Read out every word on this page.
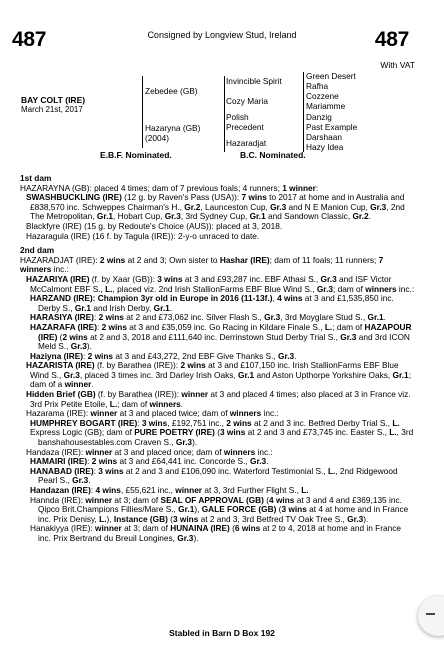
487	Consigned by Longview Stud, Ireland	487
With VAT
BAY COLT (IRE)
March 21st, 2017
Zebedee (GB)
Hazaryna (GB)
(2004)
Invincible Spirit
Cozy Maria
Polish
Precedent
Hazaradjat
Green Desert
Rafha
Cozzene
Mariamme
Danzig
Past Example
Darshaan
Hazy Idea
E.B.F. Nominated.	B.C. Nominated.

1st dam

HAZARAYNA (GB): placed 4 times; dam of 7 previous foals; 4 runners; 1 winner:

SWASHBUCKLING (IRE) (12 g. by Raven's Pass (USA)): 7 wins to 2017 at home and in Australia and £838,570 inc. Schweppes Chairman's H., Gr.2, Launceston Cup, Gr.3 and N E Manion Cup, Gr.3, 2nd The Metropolitan, Gr.1, Hobart Cup, Gr.3, 3rd Sydney Cup, Gr.1 and Sandown Classic, Gr.2.

Blackfyre (IRE) (15 g. by Redoute's Choice (AUS)): placed at 3, 2018.

Hazaragula (IRE) (16 f. by Tagula (IRE)): 2-y-o unraced to date.

2nd dam

HAZARADJAT (IRE): 2 wins at 2 and 3; Own sister to Hashar (IRE); dam of 11 foals; 11 runners; 7 winners inc.:

HAZARIYA (IRE) (f. by Xaar (GB)): 3 wins at 3 and £93,287 inc. EBF Athasi S., Gr.3 and ISF Victor McCalmont EBF S., L., placed viz. 2nd Irish StallionFarms EBF Blue Wind S., Gr.3; dam of winners inc.:

HARZAND (IRE): Champion 3yr old in Europe in 2016 (11-13f.), 4 wins at 3 and £1,535,850 inc. Derby S., Gr.1 and Irish Derby, Gr.1.

HARASIYA (IRE): 2 wins at 2 and £73,062 inc. Silver Flash S., Gr.3, 3rd Moyglare Stud S., Gr.1.

HAZARAFA (IRE): 2 wins at 3 and £35,059 inc. Go Racing in Kildare Finale S., L.; dam of HAZAPOUR (IRE) (2 wins at 2 and 3, 2018 and £111,640 inc. Derrinstown Stud Derby Trial S., Gr.3 and 3rd ICON Meld S., Gr.3).

Haziyna (IRE): 2 wins at 3 and £43,272, 2nd EBF Give Thanks S., Gr.3.

HAZARISTA (IRE) (f. by Barathea (IRE)): 2 wins at 3 and £107,150 inc. Irish StallionFarms EBF Blue Wind S., Gr.3, placed 3 times inc. 3rd Darley Irish Oaks, Gr.1 and Aston Upthorpe Yorkshire Oaks, Gr.1; dam of a winner.

Hidden Brief (GB) (f. by Barathea (IRE)): winner at 3 and placed 4 times; also placed at 3 in France viz. 3rd Prix Petite Etoile, L.; dam of winners.

Hazarama (IRE): winner at 3 and placed twice; dam of winners inc.:

HUMPHREY BOGART (IRE): 3 wins, £192,751 inc., 2 wins at 2 and 3 inc. Betfred Derby Trial S., L.

Express Logic (GB); dam of PURE POETRY (IRE) (3 wins at 2 and 3 and £73,745 inc. Easter S., L., 3rd banshahousestables.com Craven S., Gr.3).

Handaza (IRE): winner at 3 and placed once; dam of winners inc.:

HAMAIRI (IRE): 2 wins at 3 and £64,441 inc. Concorde S., Gr.3.

HANABAD (IRE): 3 wins at 2 and 3 and £106,090 inc. Waterford Testimonial S., L., 2nd Ridgewood Pearl S., Gr.3.

Handazan (IRE): 4 wins, £55,621 inc., winner at 3, 3rd Further Flight S., L.

Hannda (IRE): winner at 3; dam of SEAL OF APPROVAL (GB) (4 wins at 3 and 4 and £369,135 inc. Qipco Brit.Champions Fillies/Mare S., Gr.1), GALE FORCE (GB) (3 wins at 4 at home and in France inc. Prix Denisy, L.), Instance (GB) (3 wins at 2 and 3, 3rd Betfred TV Oak Tree S., Gr.3).

Hanakiyya (IRE): winner at 3; dam of HUNAINA (IRE) (6 wins at 2 to 4, 2018 at home and in France inc. Prix Bertrand du Breuil Longines, Gr.3).

Stabled in Barn D Box 192
